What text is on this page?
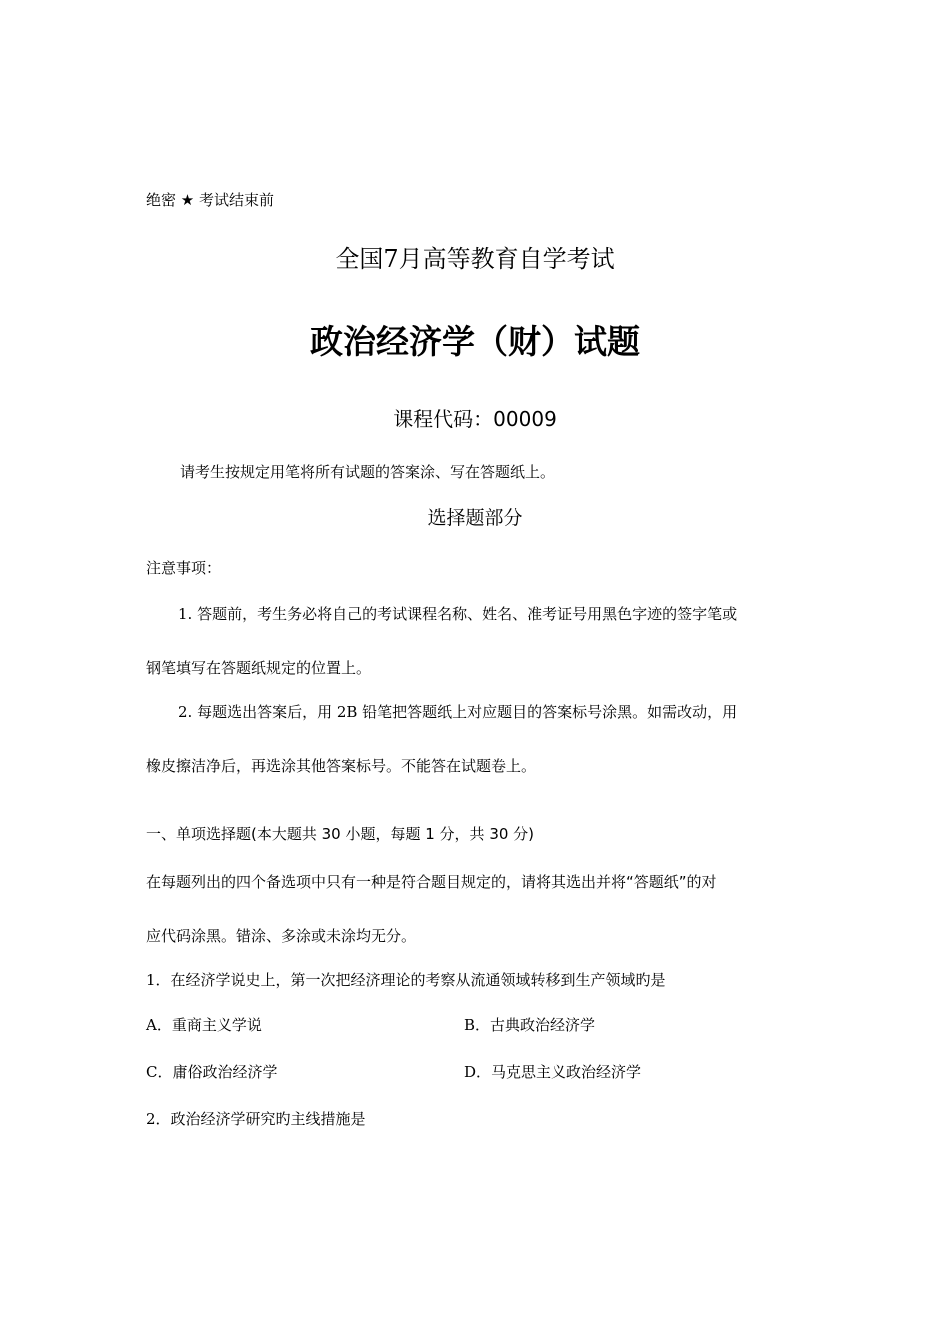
绝密 ★ 考试结束前
全国7月高等教育自学考试
政治经济学（财）试题
课程代码：00009
请考生按规定用笔将所有试题的答案涂、写在答题纸上。
选择题部分
注意事项：
1. 答题前，考生务必将自己的考试课程名称、姓名、准考证号用黑色字迹的签字笔或
钢笔填写在答题纸规定的位置上。
2. 每题选出答案后，用 2B 铅笔把答题纸上对应题目的答案标号涂黑。如需改动，用
橡皮擦洁净后，再选涂其他答案标号。不能答在试题卷上。
一、单项选择题(本大题共 30 小题，每题 1 分，共 30 分)
在每题列出的四个备选项中只有一种是符合题目规定的，请将其选出并将“答题纸”的对
应代码涂黑。错涂、多涂或未涂均无分。
1．在经济学说史上，第一次把经济理论的考察从流通领域转移到生产领域旳是
A．重商主义学说	B．古典政治经济学
C．庸俗政治经济学	D．马克思主义政治经济学
2．政治经济学研究旳主线措施是
